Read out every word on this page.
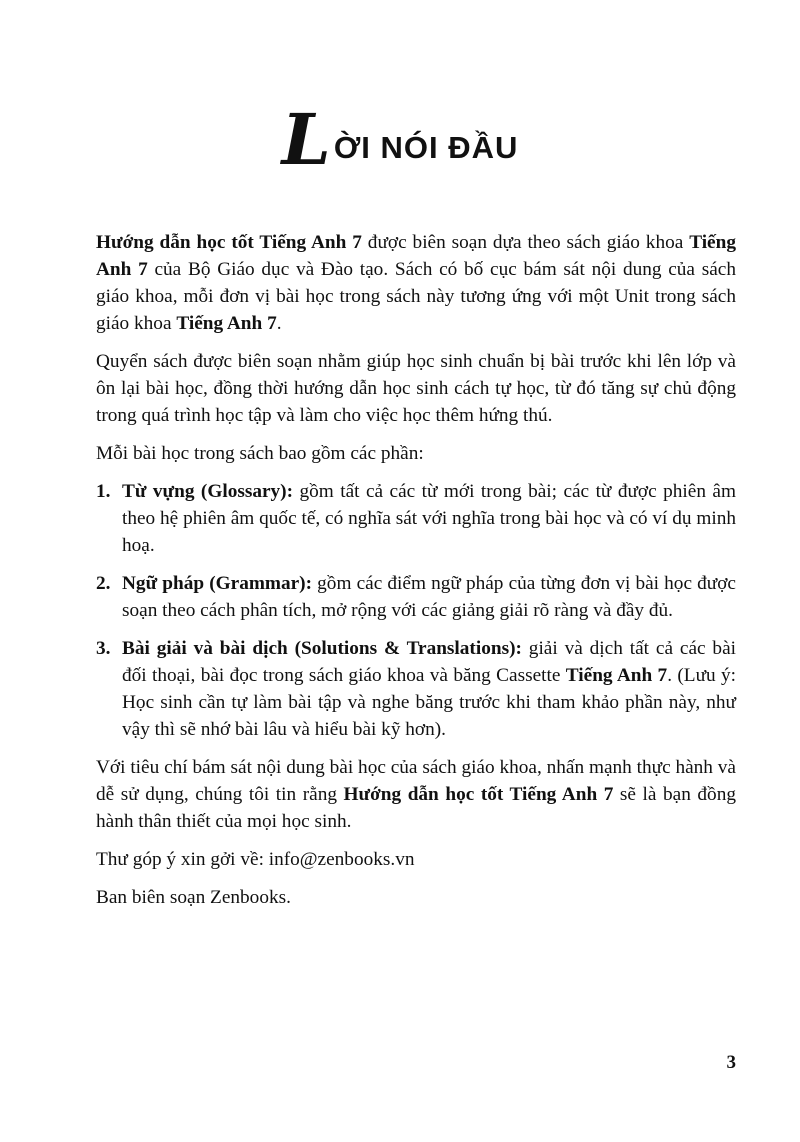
LỜI NÓI ĐẦU

Hướng dẫn học tốt Tiếng Anh 7 được biên soạn dựa theo sách giáo khoa Tiếng Anh 7 của Bộ Giáo dục và Đào tạo. Sách có bố cục bám sát nội dung của sách giáo khoa, mỗi đơn vị bài học trong sách này tương ứng với một Unit trong sách giáo khoa Tiếng Anh 7.

Quyển sách được biên soạn nhằm giúp học sinh chuẩn bị bài trước khi lên lớp và ôn lại bài học, đồng thời hướng dẫn học sinh cách tự học, từ đó tăng sự chủ động trong quá trình học tập và làm cho việc học thêm hứng thú.

Mỗi bài học trong sách bao gồm các phần:

1. Từ vựng (Glossary): gồm tất cả các từ mới trong bài; các từ được phiên âm theo hệ phiên âm quốc tế, có nghĩa sát với nghĩa trong bài học và có ví dụ minh hoạ.
2. Ngữ pháp (Grammar): gồm các điểm ngữ pháp của từng đơn vị bài học được soạn theo cách phân tích, mở rộng với các giảng giải rõ ràng và đầy đủ.
3. Bài giải và bài dịch (Solutions & Translations): giải và dịch tất cả các bài đối thoại, bài đọc trong sách giáo khoa và băng Cassette Tiếng Anh 7. (Lưu ý: Học sinh cần tự làm bài tập và nghe băng trước khi tham khảo phần này, như vậy thì sẽ nhớ bài lâu và hiểu bài kỹ hơn).

Với tiêu chí bám sát nội dung bài học của sách giáo khoa, nhấn mạnh thực hành và dễ sử dụng, chúng tôi tin rằng Hướng dẫn học tốt Tiếng Anh 7 sẽ là bạn đồng hành thân thiết của mọi học sinh.

Thư góp ý xin gởi về: info@zenbooks.vn

Ban biên soạn Zenbooks.

3
